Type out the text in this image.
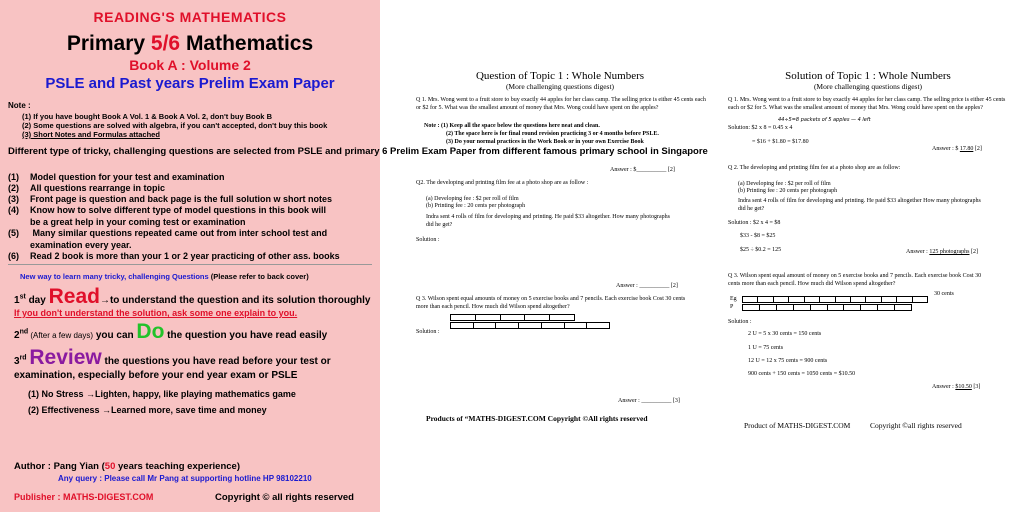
READING'S MATHEMATICS
Primary 5/6 Mathematics
Book A : Volume 2
PSLE and Past years Prelim Exam Paper
Note :
(1) If you have bought Book A Vol. 1 & Book A Vol. 2, don't buy Book B
(2) Some questions are solved with algebra, if you can't accepted, don't buy this book
(3) Short Notes and Formulas attached
Different type of tricky, challenging questions are selected from PSLE and primary 6 Prelim Exam Paper from different famous primary school in Singapore
(1) Model question for your test and examination
(2) All questions rearrange in topic
(3) Front page is question and back page is the full solution w short notes
(4) Know how to solve different type of model questions in this book will
be a great help in your coming test or examination
(5) Many similar questions repeated came out from inter school test and
examination every year.
(6) Read 2 book is more than your 1 or 2 year practicing of other ass. books
New way to learn many tricky, challenging Questions (Please refer to back cover)
1st day Read→to understand the question and its solution thoroughly
If you don't understand the solution, ask some one explain to you.
2nd (After a few days) you can Do the question you have read easily
3rd Review the questions you have read before your test or
examination, especially before your end year exam or PSLE
(1) No Stress →Lighten, happy, like playing mathematics game
(2) Effectiveness →Learned more, save time and money
Author : Pang Yian (50 years teaching experience)
Any query : Please call Mr Pang at supporting hotline HP 98102210
Publisher : MATHS-DIGEST.COM	Copyright © all rights reserved
Question of Topic 1 : Whole Numbers
(More challenging questions digest)
Q 1. Mrs. Wong went to a fruit store to buy exactly 44 apples for her class camp. The selling price is either 45 cents each or $2 for 5. What was the smallest amount of money that Mrs. Wong could have spent on the apples?
Note : (1) Keep all the space below the questions here neat and clean.
(2) The space here is for final round revision practicing 3 or 4 months before PSLE.
(3) Do your normal practices in the Work Book or in your own Exercise Book
Answer : $__________ [2]
Q2. The developing and printing film fee at a photo shop are as follow :
(a) Developing fee : $2 per roll of film
(b) Printing fee : 20 cents per photograph
Indra sent 4 rolls of film for developing and printing. He paid $33 altogether. How many photographs did he get?
Solution :
Answer : __________ [2]
Q 3. Wilson spent equal amounts of money on 5 exercise books and 7 pencils. Each exercise book Cost 30 cents more than each pencil. How much did Wilson spend altogether?
Solution :
Answer : __________ [3]
Products of “MATHS-DIGEST.COM Copyright ©All rights reserved
Solution of Topic 1 : Whole Numbers
(More challenging questions digest)
Q 1. Mrs. Wong went to a fruit store to buy exactly 44 apples for her class camp. The selling price is either 45 cents each or $2 for 5. What was the smallest amount of money that Mrs. Wong could have spent on the apples?
44÷5=8 packets of 5 apples — 4 left
Solution: $2 x 8 = 0.45 x 4
= $16 + $1.80 = $17.80
Answer : $ 17.80 [2]
Q 2. The developing and printing film fee at a photo shop are as follow:
(a) Developing fee : $2 per roll of film
(b) Printing fee : 20 cents per photograph
Indra sent 4 rolls of film for developing and printing. He paid $33 altogether How many photographs did he get?
Solution : $2 x 4 = $8
$33 - $8 = $25
$25 ÷ $0.2 = 125	Answer : 125 photographs [2]
Q 3. Wilson spent equal amount of money on 5 exercise books and 7 pencils. Each exercise book Cost 30 cents more than each pencil. How much did Wilson spend altogether?
Eg
P
30 cents
Solution :
2 U = 5 x 30 cents = 150 cents
1 U = 75 cents
12 U = 12 x 75 cents = 900 cents
900 cents + 150 cents = 1050 cents = $10.50
Answer : $10.50 [3]
Product of MATHS-DIGEST.COM	Copyright ©all rights reserved
